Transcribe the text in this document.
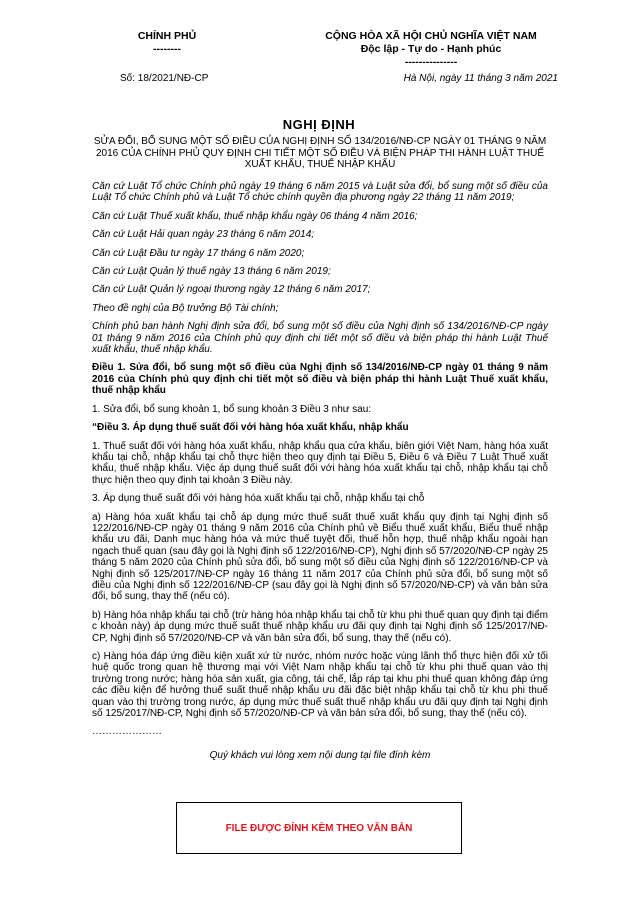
CHÍNH PHỦ
--------
CỘNG HÒA XÃ HỘI CHỦ NGHĨA VIỆT NAM
Độc lập - Tự do - Hạnh phúc
---------------
Số: 18/2021/NĐ-CP	Hà Nội, ngày 11 tháng 3 năm 2021
NGHỊ ĐỊNH
SỬA ĐỔI, BỔ SUNG MỘT SỐ ĐIỀU CỦA NGHỊ ĐỊNH SỐ 134/2016/NĐ-CP NGÀY 01 THÁNG 9 NĂM 2016 CỦA CHÍNH PHỦ QUY ĐỊNH CHI TIẾT MỘT SỐ ĐIỀU VÀ BIỆN PHÁP THI HÀNH LUẬT THUẾ XUẤT KHẨU, THUẾ NHẬP KHẨU

Căn cứ Luật Tổ chức Chính phủ ngày 19 tháng 6 năm 2015 và Luật sửa đổi, bổ sung một số điều của Luật Tổ chức Chính phủ và Luật Tổ chức chính quyền địa phương ngày 22 tháng 11 năm 2019;

Căn cứ Luật Thuế xuất khẩu, thuế nhập khẩu ngày 06 tháng 4 năm 2016;

Căn cứ Luật Hải quan ngày 23 tháng 6 năm 2014;

Căn cứ Luật Đầu tư ngày 17 tháng 6 năm 2020;

Căn cứ Luật Quản lý thuế ngày 13 tháng 6 năm 2019;

Căn cứ Luật Quản lý ngoại thương ngày 12 tháng 6 năm 2017;

Theo đề nghị của Bộ trưởng Bộ Tài chính;

Chính phủ ban hành Nghị định sửa đổi, bổ sung một số điều của Nghị định số 134/2016/NĐ-CP ngày 01 tháng 9 năm 2016 của Chính phủ quy định chi tiết một số điều và biện pháp thi hành Luật Thuế xuất khẩu, thuế nhập khẩu.

Điều 1. Sửa đổi, bổ sung một số điều của Nghị định số 134/2016/NĐ-CP ngày 01 tháng 9 năm 2016 của Chính phủ quy định chi tiết một số điều và biện pháp thi hành Luật Thuế xuất khẩu, thuế nhập khẩu

1. Sửa đổi, bổ sung khoản 1, bổ sung khoản 3 Điều 3 như sau:

“Điều 3. Áp dụng thuế suất đối với hàng hóa xuất khẩu, nhập khẩu

1. Thuế suất đối với hàng hóa xuất khẩu, nhập khẩu qua cửa khẩu, biên giới Việt Nam, hàng hóa xuất khẩu tại chỗ, nhập khẩu tại chỗ thực hiện theo quy định tại Điều 5, Điều 6 và Điều 7 Luật Thuế xuất khẩu, thuế nhập khẩu. Việc áp dụng thuế suất đối với hàng hóa xuất khẩu tại chỗ, nhập khẩu tại chỗ thực hiện theo quy định tại khoản 3 Điều này.

3. Áp dụng thuế suất đối với hàng hóa xuất khẩu tại chỗ, nhập khẩu tại chỗ

a) Hàng hóa xuất khẩu tại chỗ áp dụng mức thuế suất thuế xuất khẩu quy định tại Nghị định số 122/2016/NĐ-CP ngày 01 tháng 9 năm 2016 của Chính phủ về Biểu thuế xuất khẩu, Biểu thuế nhập khẩu ưu đãi, Danh mục hàng hóa và mức thuế tuyệt đối, thuế hỗn hợp, thuế nhập khẩu ngoài hạn ngạch thuế quan (sau đây gọi là Nghị định số 122/2016/NĐ-CP), Nghị định số 57/2020/NĐ-CP ngày 25 tháng 5 năm 2020 của Chính phủ sửa đổi, bổ sung một số điều của Nghị định số 122/2016/NĐ-CP và Nghị định số 125/2017/NĐ-CP ngày 16 tháng 11 năm 2017 của Chính phủ sửa đổi, bổ sung một số điều của Nghị định số 122/2016/NĐ-CP (sau đây gọi là Nghị định số 57/2020/NĐ-CP) và văn bản sửa đổi, bổ sung, thay thế (nếu có).

b) Hàng hóa nhập khẩu tại chỗ (trừ hàng hóa nhập khẩu tại chỗ từ khu phi thuế quan quy định tại điểm c khoản này) áp dụng mức thuế suất thuế nhập khẩu ưu đãi quy định tại Nghị định số 125/2017/NĐ-CP, Nghị định số 57/2020/NĐ-CP và văn bản sửa đổi, bổ sung, thay thế (nếu có).

c) Hàng hóa đáp ứng điều kiện xuất xứ từ nước, nhóm nước hoặc vùng lãnh thổ thực hiện đối xử tối huệ quốc trong quan hệ thương mại với Việt Nam nhập khẩu tại chỗ từ khu phi thuế quan vào thị trường trong nước; hàng hóa sản xuất, gia công, tái chế, lắp ráp tại khu phi thuế quan không đáp ứng các điều kiện để hưởng thuế suất thuế nhập khẩu ưu đãi đặc biệt nhập khẩu tại chỗ từ khu phi thuế quan vào thị trường trong nước, áp dụng mức thuế suất thuế nhập khẩu ưu đãi quy định tại Nghị định số 125/2017/NĐ-CP, Nghị định số 57/2020/NĐ-CP và văn bản sửa đổi, bổ sung, thay thế (nếu có).

…………………
Quý khách vui lòng xem nội dung tại file đính kèm
FILE ĐƯỢC ĐÍNH KÈM THEO VĂN BẢN
